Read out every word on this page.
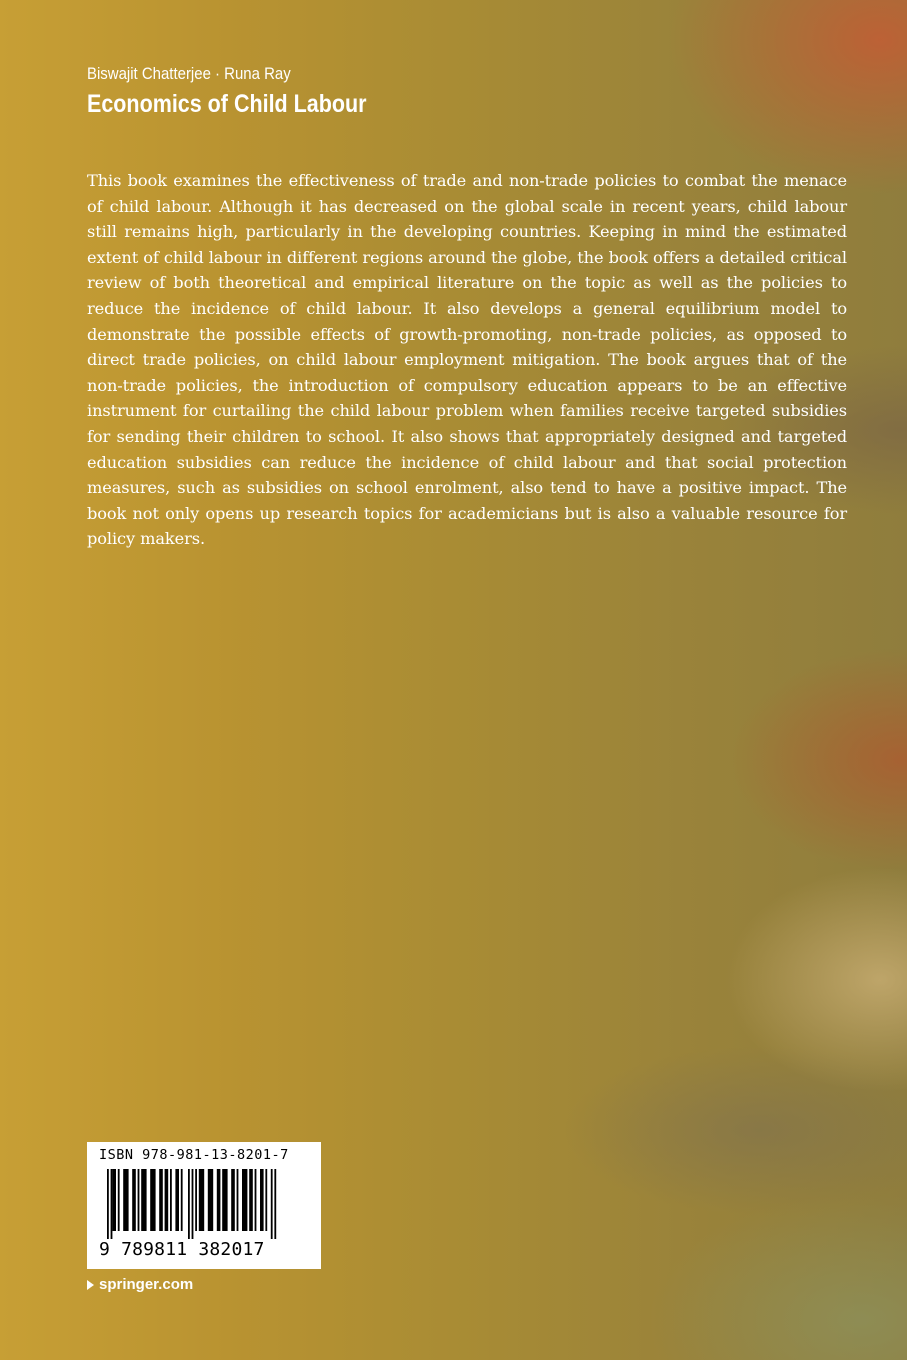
Biswajit Chatterjee · Runa Ray
Economics of Child Labour

This book examines the effectiveness of trade and non-trade policies to combat the menace of child labour. Although it has decreased on the global scale in recent years, child labour still remains high, particularly in the developing countries. Keeping in mind the estimated extent of child labour in different regions around the globe, the book offers a detailed critical review of both theoretical and empirical literature on the topic as well as the policies to reduce the incidence of child labour. It also develops a general equilibrium model to demonstrate the possible effects of growth-promoting, non-trade policies, as opposed to direct trade policies, on child labour employment mitigation. The book argues that of the non-trade policies, the introduction of compulsory education appears to be an effective instrument for curtailing the child labour problem when families receive targeted subsidies for sending their children to school. It also shows that appropriately designed and targeted education subsidies can reduce the incidence of child labour and that social protection measures, such as subsidies on school enrolment, also tend to have a positive impact. The book not only opens up research topics for academicians but is also a valuable resource for policy makers.

ISBN 978-981-13-8201-7
9 789811 382017
springer.com
